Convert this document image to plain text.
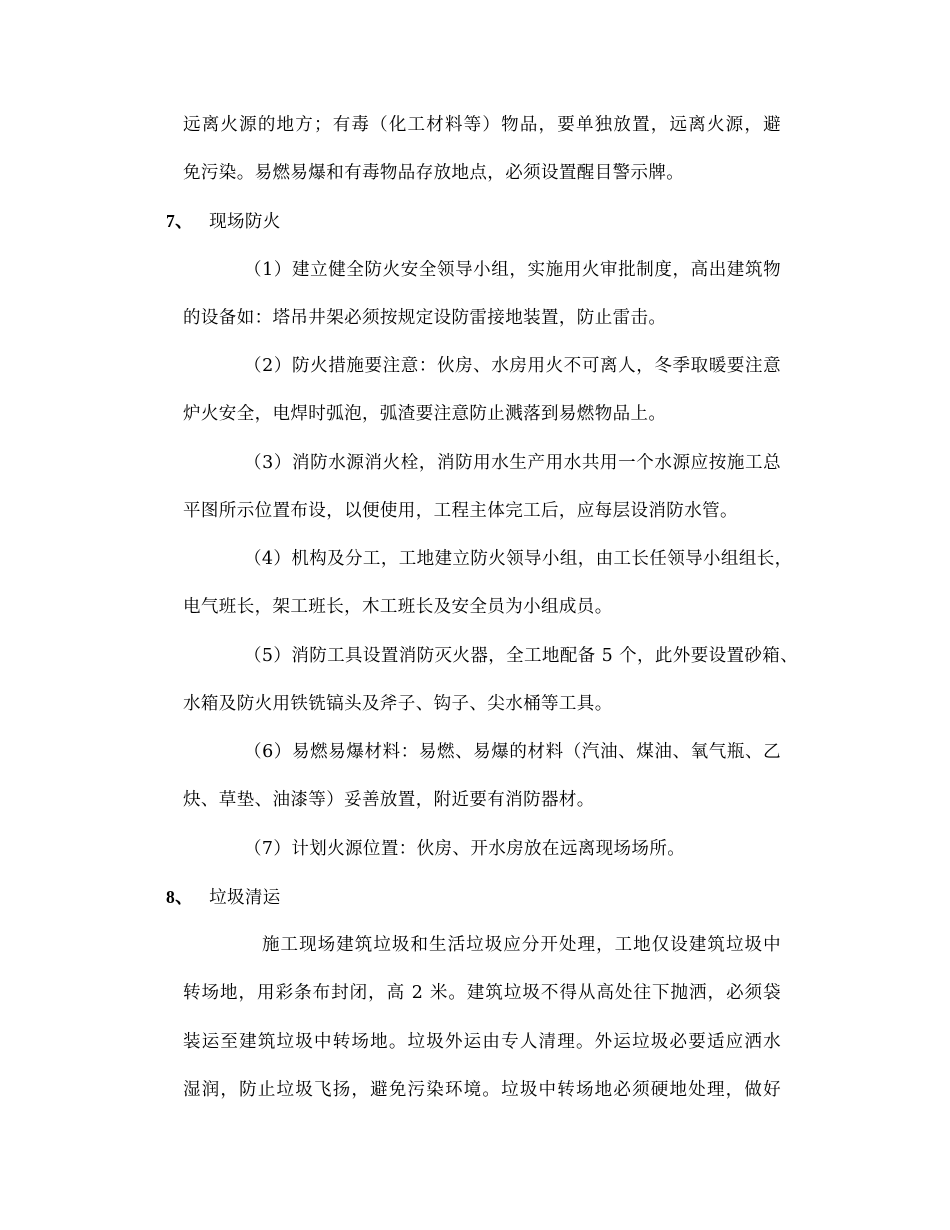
远离火源的地方；有毒（化工材料等）物品，要单独放置，远离火源，避
免污染。易燃易爆和有毒物品存放地点，必须设置醒目警示牌。
7、 现场防火
（1）建立健全防火安全领导小组，实施用火审批制度，高出建筑物
的设备如：塔吊井架必须按规定设防雷接地装置，防止雷击。
（2）防火措施要注意：伙房、水房用火不可离人，冬季取暖要注意
炉火安全，电焊时弧泡，弧渣要注意防止溅落到易燃物品上。
（3）消防水源消火栓，消防用水生产用水共用一个水源应按施工总
平图所示位置布设，以便使用，工程主体完工后，应每层设消防水管。
（4）机构及分工，工地建立防火领导小组，由工长任领导小组组长，
电气班长，架工班长，木工班长及安全员为小组成员。
（5）消防工具设置消防灭火器，全工地配备 5 个，此外要设置砂箱、
水箱及防火用铁铣镐头及斧子、钩子、尖水桶等工具。
（6）易燃易爆材料：易燃、易爆的材料（汽油、煤油、氧气瓶、乙
炔、草垫、油漆等）妥善放置，附近要有消防器材。
（7）计划火源位置：伙房、开水房放在远离现场场所。
8、 垃圾清运
施工现场建筑垃圾和生活垃圾应分开处理，工地仅设建筑垃圾中
转场地，用彩条布封闭，高 2 米。建筑垃圾不得从高处往下抛洒，必须袋
装运至建筑垃圾中转场地。垃圾外运由专人清理。外运垃圾必要适应洒水
湿润，防止垃圾飞扬，避免污染环境。垃圾中转场地必须硬地处理，做好
